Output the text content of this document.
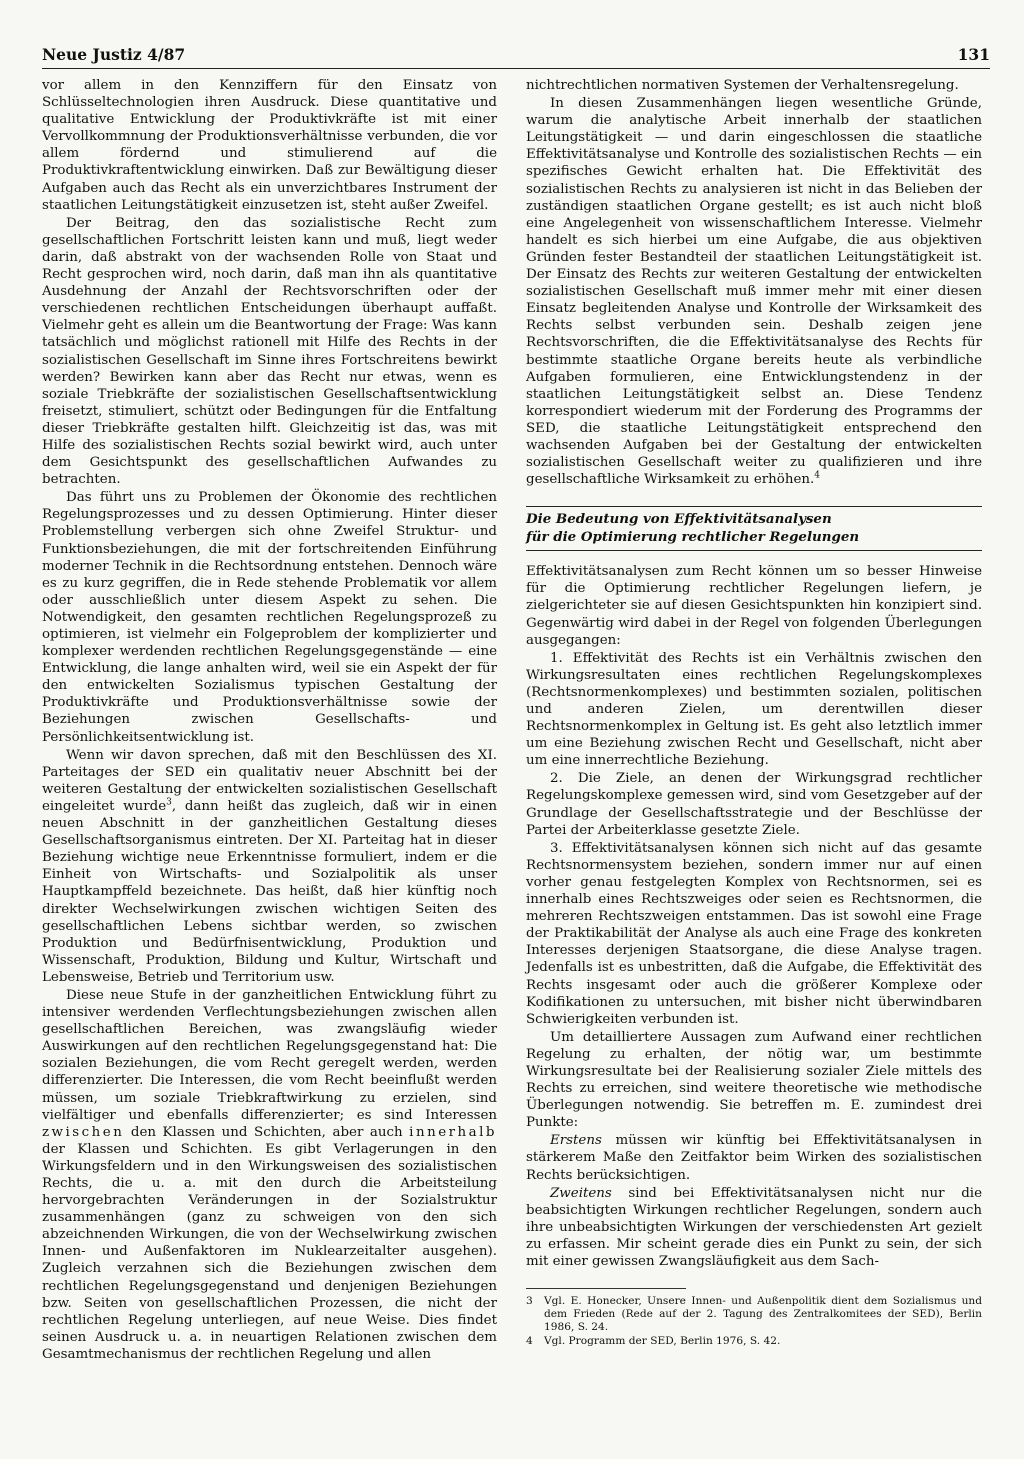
Neue Justiz 4/87	131

vor allem in den Kennziffern für den Einsatz von Schlüsseltechnologien ihren Ausdruck. Diese quantitative und qualitative Entwicklung der Produktivkräfte ist mit einer Vervollkommnung der Produktionsverhältnisse verbunden, die vor allem fördernd und stimulierend auf die Produktivkraftentwicklung einwirken. Daß zur Bewältigung dieser Aufgaben auch das Recht als ein unverzichtbares Instrument der staatlichen Leitungstätigkeit einzusetzen ist, steht außer Zweifel.

Der Beitrag, den das sozialistische Recht zum gesellschaftlichen Fortschritt leisten kann und muß, liegt weder darin, daß abstrakt von der wachsenden Rolle von Staat und Recht gesprochen wird, noch darin, daß man ihn als quantitative Ausdehnung der Anzahl der Rechtsvorschriften oder der verschiedenen rechtlichen Entscheidungen überhaupt auffaßt. Vielmehr geht es allein um die Beantwortung der Frage: Was kann tatsächlich und möglichst rationell mit Hilfe des Rechts in der sozialistischen Gesellschaft im Sinne ihres Fortschreitens bewirkt werden? Bewirken kann aber das Recht nur etwas, wenn es soziale Triebkräfte der sozialistischen Gesellschaftsentwicklung freisetzt, stimuliert, schützt oder Bedingungen für die Entfaltung dieser Triebkräfte gestalten hilft. Gleichzeitig ist das, was mit Hilfe des sozialistischen Rechts sozial bewirkt wird, auch unter dem Gesichtspunkt des gesellschaftlichen Aufwandes zu betrachten.

Das führt uns zu Problemen der Ökonomie des rechtlichen Regelungsprozesses und zu dessen Optimierung. Hinter dieser Problemstellung verbergen sich ohne Zweifel Struktur- und Funktionsbeziehungen, die mit der fortschreitenden Einführung moderner Technik in die Rechtsordnung entstehen. Dennoch wäre es zu kurz gegriffen, die in Rede stehende Problematik vor allem oder ausschließlich unter diesem Aspekt zu sehen. Die Notwendigkeit, den gesamten rechtlichen Regelungsprozeß zu optimieren, ist vielmehr ein Folgeproblem der komplizierter und komplexer werdenden rechtlichen Regelungsgegenstände — eine Entwicklung, die lange anhalten wird, weil sie ein Aspekt der für den entwickelten Sozialismus typischen Gestaltung der Produktivkräfte und Produktionsverhältnisse sowie der Beziehungen zwischen Gesellschafts- und Persönlichkeitsentwicklung ist.

Wenn wir davon sprechen, daß mit den Beschlüssen des XI. Parteitages der SED ein qualitativ neuer Abschnitt bei der weiteren Gestaltung der entwickelten sozialistischen Gesellschaft eingeleitet wurde$^3$, dann heißt das zugleich, daß wir in einen neuen Abschnitt in der ganzheitlichen Gestaltung dieses Gesellschaftsorganismus eintreten. Der XI. Parteitag hat in dieser Beziehung wichtige neue Erkenntnisse formuliert, indem er die Einheit von Wirtschafts- und Sozialpolitik als unser Hauptkampffeld bezeichnete. Das heißt, daß hier künftig noch direkter Wechselwirkungen zwischen wichtigen Seiten des gesellschaftlichen Lebens sichtbar werden, so zwischen Produktion und Bedürfnisentwicklung, Produktion und Wissenschaft, Produktion, Bildung und Kultur, Wirtschaft und Lebensweise, Betrieb und Territorium usw.

Diese neue Stufe in der ganzheitlichen Entwicklung führt zu intensiver werdenden Verflechtungsbeziehungen zwischen allen gesellschaftlichen Bereichen, was zwangsläufig wieder Auswirkungen auf den rechtlichen Regelungsgegenstand hat: Die sozialen Beziehungen, die vom Recht geregelt werden, werden differenzierter. Die Interessen, die vom Recht beeinflußt werden müssen, um soziale Triebkraftwirkung zu erzielen, sind vielfältiger und ebenfalls differenzierter; es sind Interessen zwischen den Klassen und Schichten, aber auch innerhalb der Klassen und Schichten. Es gibt Verlagerungen in den Wirkungsfeldern und in den Wirkungsweisen des sozialistischen Rechts, die u. a. mit den durch die Arbeitsteilung hervorgebrachten Veränderungen in der Sozialstruktur zusammenhängen (ganz zu schweigen von den sich abzeichnenden Wirkungen, die von der Wechselwirkung zwischen Innen- und Außenfaktoren im Nuklearzeitalter ausgehen). Zugleich verzahnen sich die Beziehungen zwischen dem rechtlichen Regelungsgegenstand und denjenigen Beziehungen bzw. Seiten von gesellschaftlichen Prozessen, die nicht der rechtlichen Regelung unterliegen, auf neue Weise. Dies findet seinen Ausdruck u. a. in neuartigen Relationen zwischen dem Gesamtmechanismus der rechtlichen Regelung und allen

nichtrechtlichen normativen Systemen der Verhaltensregelung.

In diesen Zusammenhängen liegen wesentliche Gründe, warum die analytische Arbeit innerhalb der staatlichen Leitungstätigkeit — und darin eingeschlossen die staatliche Effektivitätsanalyse und Kontrolle des sozialistischen Rechts — ein spezifisches Gewicht erhalten hat. Die Effektivität des sozialistischen Rechts zu analysieren ist nicht in das Belieben der zuständigen staatlichen Organe gestellt; es ist auch nicht bloß eine Angelegenheit von wissenschaftlichem Interesse. Vielmehr handelt es sich hierbei um eine Aufgabe, die aus objektiven Gründen fester Bestandteil der staatlichen Leitungstätigkeit ist. Der Einsatz des Rechts zur weiteren Gestaltung der entwickelten sozialistischen Gesellschaft muß immer mehr mit einer diesen Einsatz begleitenden Analyse und Kontrolle der Wirksamkeit des Rechts selbst verbunden sein. Deshalb zeigen jene Rechtsvorschriften, die die Effektivitätsanalyse des Rechts für bestimmte staatliche Organe bereits heute als verbindliche Aufgaben formulieren, eine Entwicklungstendenz in der staatlichen Leitungstätigkeit selbst an. Diese Tendenz korrespondiert wiederum mit der Forderung des Programms der SED, die staatliche Leitungstätigkeit entsprechend den wachsenden Aufgaben bei der Gestaltung der entwickelten sozialistischen Gesellschaft weiter zu qualifizieren und ihre gesellschaftliche Wirksamkeit zu erhöhen.$^4$

Die Bedeutung von Effektivitätsanalysen
für die Optimierung rechtlicher Regelungen

Effektivitätsanalysen zum Recht können um so besser Hinweise für die Optimierung rechtlicher Regelungen liefern, je zielgerichteter sie auf diesen Gesichtspunkten hin konzipiert sind. Gegenwärtig wird dabei in der Regel von folgenden Überlegungen ausgegangen:

1. Effektivität des Rechts ist ein Verhältnis zwischen den Wirkungsresultaten eines rechtlichen Regelungskomplexes (Rechtsnormenkomplexes) und bestimmten sozialen, politischen und anderen Zielen, um derentwillen dieser Rechtsnormenkomplex in Geltung ist. Es geht also letztlich immer um eine Beziehung zwischen Recht und Gesellschaft, nicht aber um eine innerrechtliche Beziehung.

2. Die Ziele, an denen der Wirkungsgrad rechtlicher Regelungskomplexe gemessen wird, sind vom Gesetzgeber auf der Grundlage der Gesellschaftsstrategie und der Beschlüsse der Partei der Arbeiterklasse gesetzte Ziele.

3. Effektivitätsanalysen können sich nicht auf das gesamte Rechtsnormensystem beziehen, sondern immer nur auf einen vorher genau festgelegten Komplex von Rechtsnormen, sei es innerhalb eines Rechtszweiges oder seien es Rechtsnormen, die mehreren Rechtszweigen entstammen. Das ist sowohl eine Frage der Praktikabilität der Analyse als auch eine Frage des konkreten Interesses derjenigen Staatsorgane, die diese Analyse tragen. Jedenfalls ist es unbestritten, daß die Aufgabe, die Effektivität des Rechts insgesamt oder auch die größerer Komplexe oder Kodifikationen zu untersuchen, mit bisher nicht überwindbaren Schwierigkeiten verbunden ist.

Um detailliertere Aussagen zum Aufwand einer rechtlichen Regelung zu erhalten, der nötig war, um bestimmte Wirkungsresultate bei der Realisierung sozialer Ziele mittels des Rechts zu erreichen, sind weitere theoretische wie methodische Überlegungen notwendig. Sie betreffen m. E. zumindest drei Punkte:

Erstens müssen wir künftig bei Effektivitätsanalysen in stärkerem Maße den Zeitfaktor beim Wirken des sozialistischen Rechts berücksichtigen.

Zweitens sind bei Effektivitätsanalysen nicht nur die beabsichtigten Wirkungen rechtlicher Regelungen, sondern auch ihre unbeabsichtigten Wirkungen der verschiedensten Art gezielt zu erfassen. Mir scheint gerade dies ein Punkt zu sein, der sich mit einer gewissen Zwangsläufigkeit aus dem Sach-

3	Vgl. E. Honecker, Unsere Innen- und Außenpolitik dient dem Sozialismus und dem Frieden (Rede auf der 2. Tagung des Zentralkomitees der SED), Berlin 1986, S. 24.
4	Vgl. Programm der SED, Berlin 1976, S. 42.
